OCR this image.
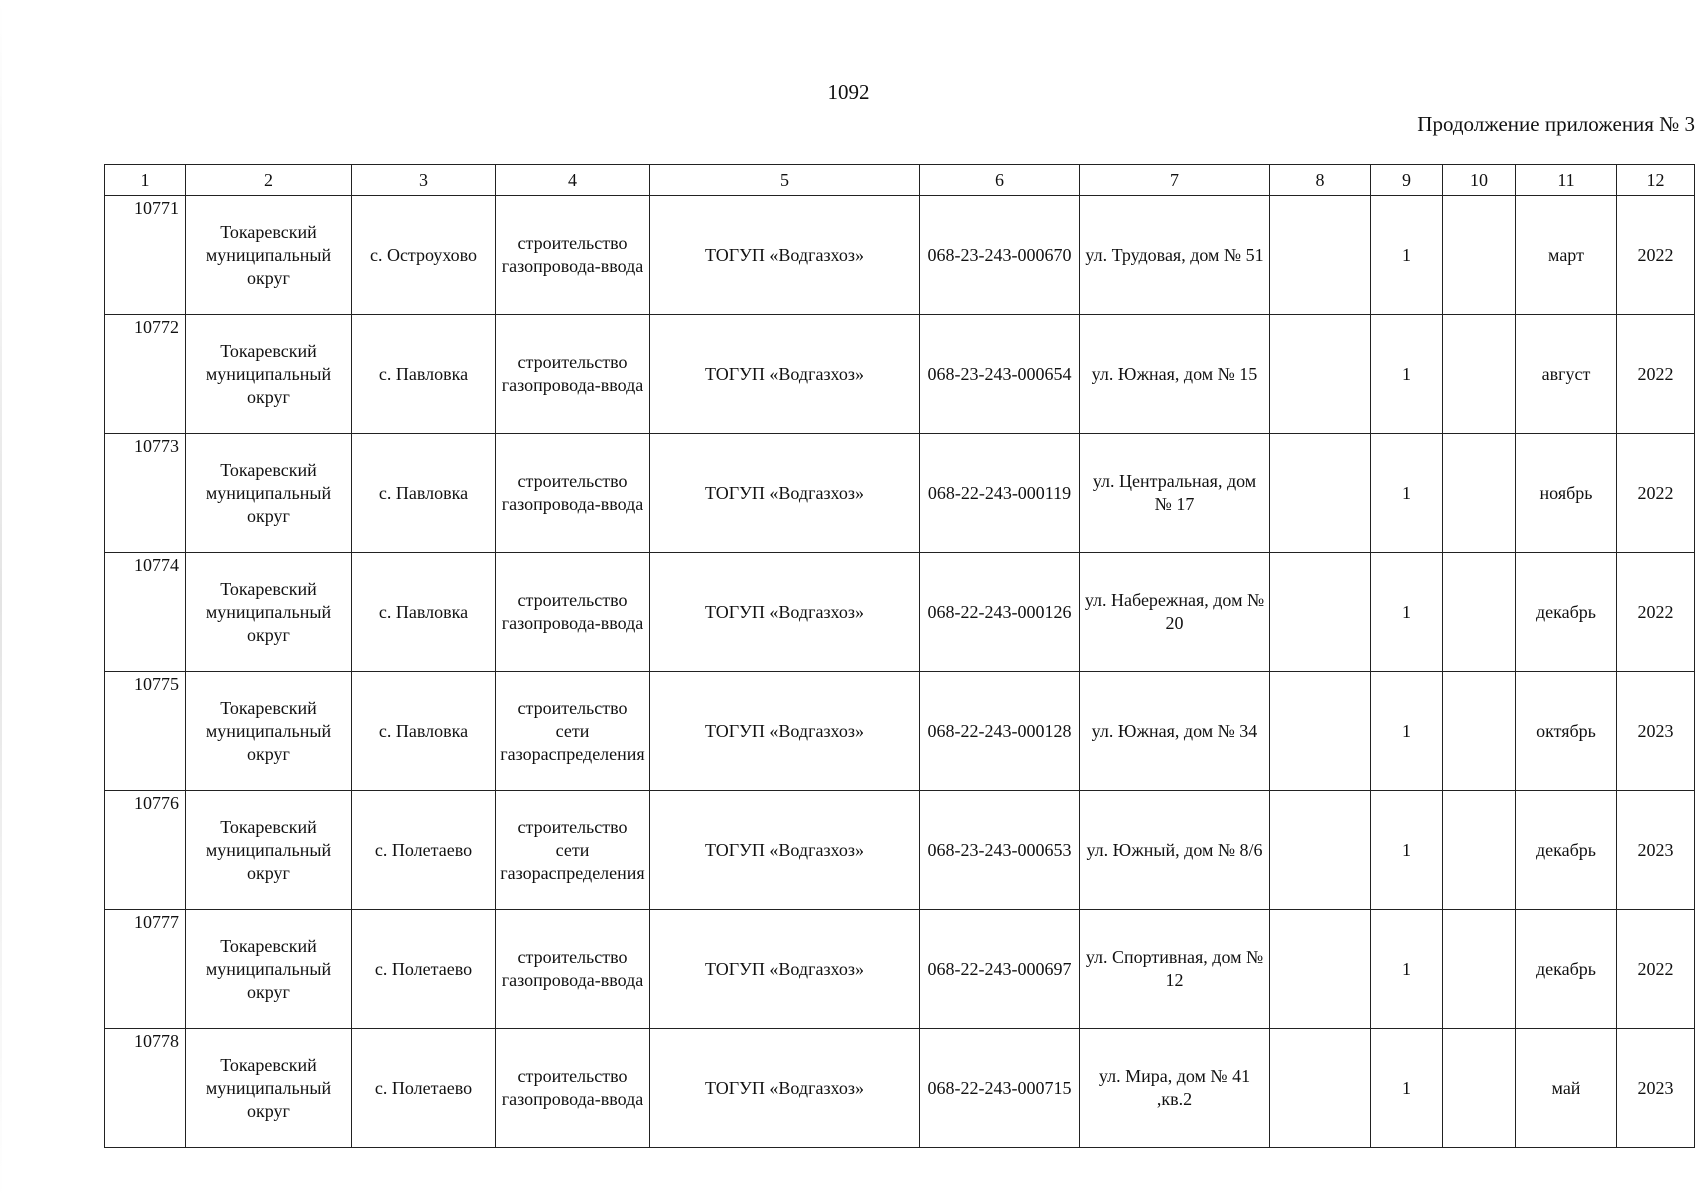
1092
Продолжение приложения № 3
1	2	3	4	5	6	7	8	9	10	11	12
10771	Токаревский муниципальный округ	с. Остроухово	строительство газопровода-ввода	ТОГУП «Водгазхоз»	068-23-243-000670	ул. Трудовая, дом № 51		1		март	2022
10772	Токаревский муниципальный округ	с. Павловка	строительство газопровода-ввода	ТОГУП «Водгазхоз»	068-23-243-000654	ул. Южная, дом № 15		1		август	2022
10773	Токаревский муниципальный округ	с. Павловка	строительство газопровода-ввода	ТОГУП «Водгазхоз»	068-22-243-000119	ул. Центральная, дом № 17		1		ноябрь	2022
10774	Токаревский муниципальный округ	с. Павловка	строительство газопровода-ввода	ТОГУП «Водгазхоз»	068-22-243-000126	ул. Набережная, дом № 20		1		декабрь	2022
10775	Токаревский муниципальный округ	с. Павловка	строительство сети газораспределения	ТОГУП «Водгазхоз»	068-22-243-000128	ул. Южная, дом № 34		1		октябрь	2023
10776	Токаревский муниципальный округ	с. Полетаево	строительство сети газораспределения	ТОГУП «Водгазхоз»	068-23-243-000653	ул. Южный, дом № 8/6		1		декабрь	2023
10777	Токаревский муниципальный округ	с. Полетаево	строительство газопровода-ввода	ТОГУП «Водгазхоз»	068-22-243-000697	ул. Спортивная, дом № 12		1		декабрь	2022
10778	Токаревский муниципальный округ	с. Полетаево	строительство газопровода-ввода	ТОГУП «Водгазхоз»	068-22-243-000715	ул. Мира, дом № 41 ,кв.2		1		май	2023
